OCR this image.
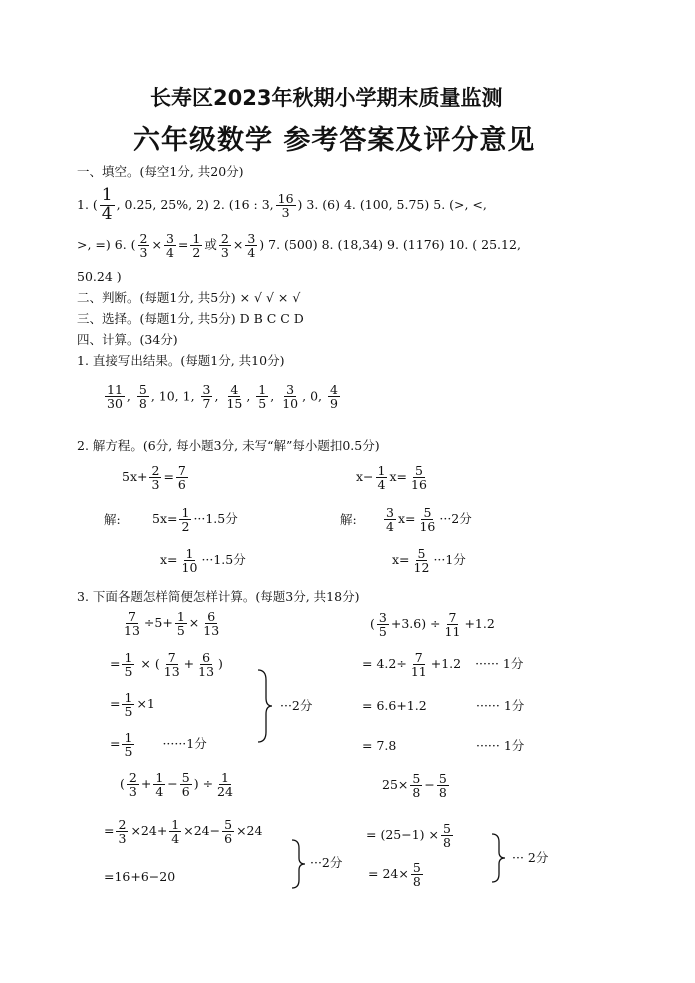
长寿区2023年秋期小学期末质量监测
六年级数学 参考答案及评分意见
一、填空。(每空1分, 共20分)
1. ( $\frac{1}{4}$ , 0.25, 25%, 2) 2. (16 : 3, $\frac{16}{3}$ ) 3. (6) 4. (100, 5.75) 5. (>, <,
>, =) 6. ( $\frac{2}{3} \times \frac{3}{4} = \frac{1}{2}$ 或 $\frac{2}{3} \times \frac{3}{4}$ ) 7. (500) 8. (18,34) 9. (1176) 10. ( 25.12,
50.24 )
二、判断。(每题1分, 共5分) × √ √ × √
三、选择。(每题1分, 共5分) D B C C D
四、计算。(34分)
1. 直接写出结果。(每题1分, 共10分)
$\frac{11}{30}$ , $\frac{5}{8}$ , 10, 1, $\frac{3}{7}$ , $\frac{4}{15}$ , $\frac{1}{5}$ , $\frac{3}{10}$ , 0, $\frac{4}{9}$
2. 解方程。(6分, 每小题3分, 未写“解”每小题扣0.5分)
$5x+ \frac{2}{3} = \frac{7}{6}$
解:	$5x= \frac{1}{2} \cdot\cdot\cdot 1.5$分
$x= \frac{1}{10} \cdot\cdot\cdot 1.5$分
$x- \frac{1}{4} x= \frac{5}{16}$
解: $\frac{3}{4} x= \frac{5}{16} \cdot\cdot\cdot 2$分
$x= \frac{5}{12} \cdot\cdot\cdot 1$分
3. 下面各题怎样简便怎样计算。(每题3分, 共18分)
$\frac{7}{13} \div 5+ \frac{1}{5} \times \frac{6}{13}$
= $\frac{1}{5}$ × ( $\frac{7}{13} + \frac{6}{13}$ )
= $\frac{1}{5} \times 1$
= $\frac{1}{5} \cdot\cdot\cdot\cdot\cdot\cdot 1$分
···2分
( $\frac{3}{5} +3.6) \div \frac{7}{11} +1.2$
= $4.2\div \frac{7}{11} +1.2$ ······ 1分
= 6.6+1.2	······ 1分
= 7.8	······ 1分
( $\frac{2}{3} + \frac{1}{4} - \frac{5}{6}$ ) ÷ $\frac{1}{24}$
= $\frac{2}{3} \times 24+ \frac{1}{4} \times 24- \frac{5}{6} \times 24$
=16+6−20
···2分
$25\times \frac{5}{8} - \frac{5}{8}$
= $(25-1) \times \frac{5}{8}$
= $24\times \frac{5}{8}$
··· 2分
